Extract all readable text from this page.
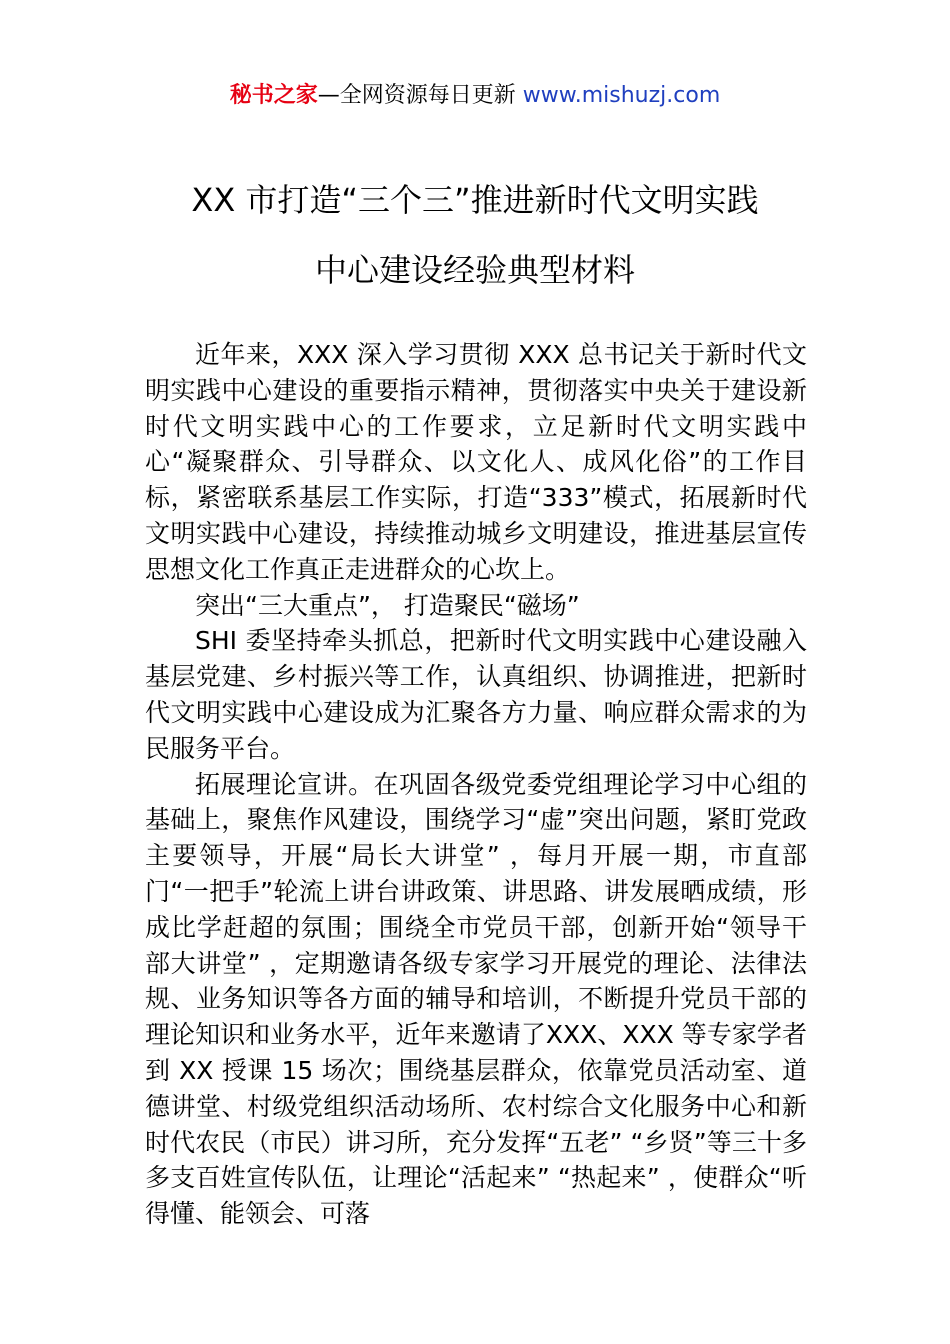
秘书之家—全网资源每日更新 www.mishuzj.com
XX 市打造“三个三”推进新时代文明实践
中心建设经验典型材料

近年来，XXX 深入学习贯彻 XXX 总书记关于新时代文明实践中心建设的重要指示精神，贯彻落实中央关于建设新时代文明实践中心的工作要求，立足新时代文明实践中心“凝聚群众、引导群众、以文化人、成风化俗”的工作目标，紧密联系基层工作实际，打造“333”模式，拓展新时代文明实践中心建设，持续推动城乡文明建设，推进基层宣传思想文化工作真正走进群众的心坎上。

突出“三大重点”， 打造聚民“磁场”

SHI 委坚持牵头抓总，把新时代文明实践中心建设融入基层党建、乡村振兴等工作，认真组织、协调推进，把新时代文明实践中心建设成为汇聚各方力量、响应群众需求的为民服务平台。

拓展理论宣讲。在巩固各级党委党组理论学习中心组的基础上，聚焦作风建设，围绕学习“虚”突出问题，紧盯党政主要领导，开展“局长大讲堂” ，每月开展一期，市直部门“一把手”轮流上讲台讲政策、讲思路、讲发展晒成绩，形成比学赶超的氛围；围绕全市党员干部，创新开始“领导干部大讲堂” ，定期邀请各级专家学习开展党的理论、法律法规、业务知识等各方面的辅导和培训，不断提升党员干部的理论知识和业务水平，近年来邀请了XXX、XXX 等专家学者到 XX 授课 15 场次；围绕基层群众，依靠党员活动室、道德讲堂、村级党组织活动场所、农村综合文化服务中心和新时代农民（市民）讲习所，充分发挥“五老” “乡贤”等三十多多支百姓宣传队伍，让理论“活起来” “热起来” ，使群众“听得懂、能领会、可落
